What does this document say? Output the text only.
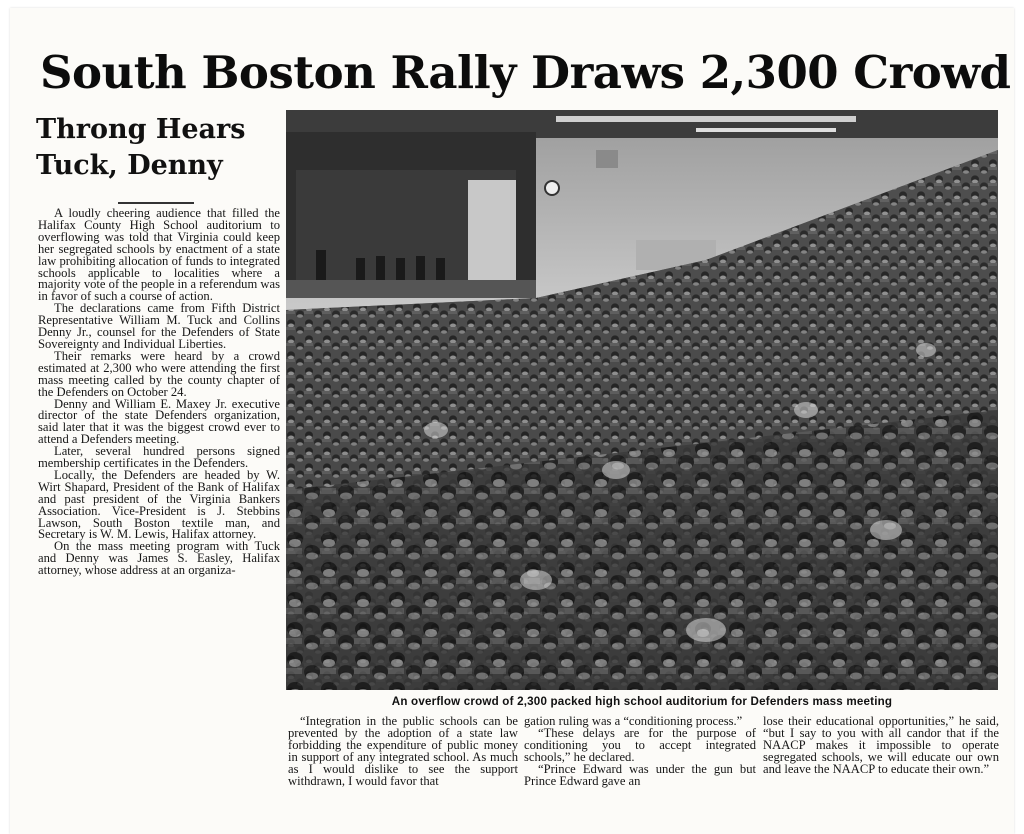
South Boston Rally Draws 2,300 Crowd
Throng Hears
Tuck, Denny

A loudly cheering audience that filled the Halifax County High School auditorium to overflowing was told that Virginia could keep her segregated schools by enactment of a state law prohibiting allocation of funds to integrated schools applicable to localities where a majority vote of the people in a referendum was in favor of such a course of action.

The declarations came from Fifth District Representative William M. Tuck and Collins Denny Jr., counsel for the Defenders of State Sovereignty and Individual Liberties.

Their remarks were heard by a crowd estimated at 2,300 who were attending the first mass meeting called by the county chapter of the Defenders on October 24.

Denny and William E. Maxey Jr. executive director of the state Defenders organization, said later that it was the biggest crowd ever to attend a Defenders meeting.

Later, several hundred persons signed membership certificates in the Defenders.

Locally, the Defenders are headed by W. Wirt Shapard, President of the Bank of Halifax and past president of the Virginia Bankers Association. Vice-President is J. Stebbins Lawson, South Boston textile man, and Secretary is W. M. Lewis, Halifax attorney.

On the mass meeting program with Tuck and Denny was James S. Easley, Halifax attorney, whose address at an organiza-

An overflow crowd of 2,300 packed high school auditorium for Defenders mass meeting

“Integration in the public schools can be prevented by the adoption of a state law forbidding the expenditure of public money in support of any integrated school. As much as I would dislike to see the support withdrawn, I would favor that

gation ruling was a “conditioning process.”

“These delays are for the purpose of conditioning you to accept integrated schools,” he declared.

“Prince Edward was under the gun but Prince Edward gave an

lose their educational opportunities,” he said, “but I say to you with all candor that if the NAACP makes it impossible to operate segregated schools, we will educate our own and leave the NAACP to educate their own.”
